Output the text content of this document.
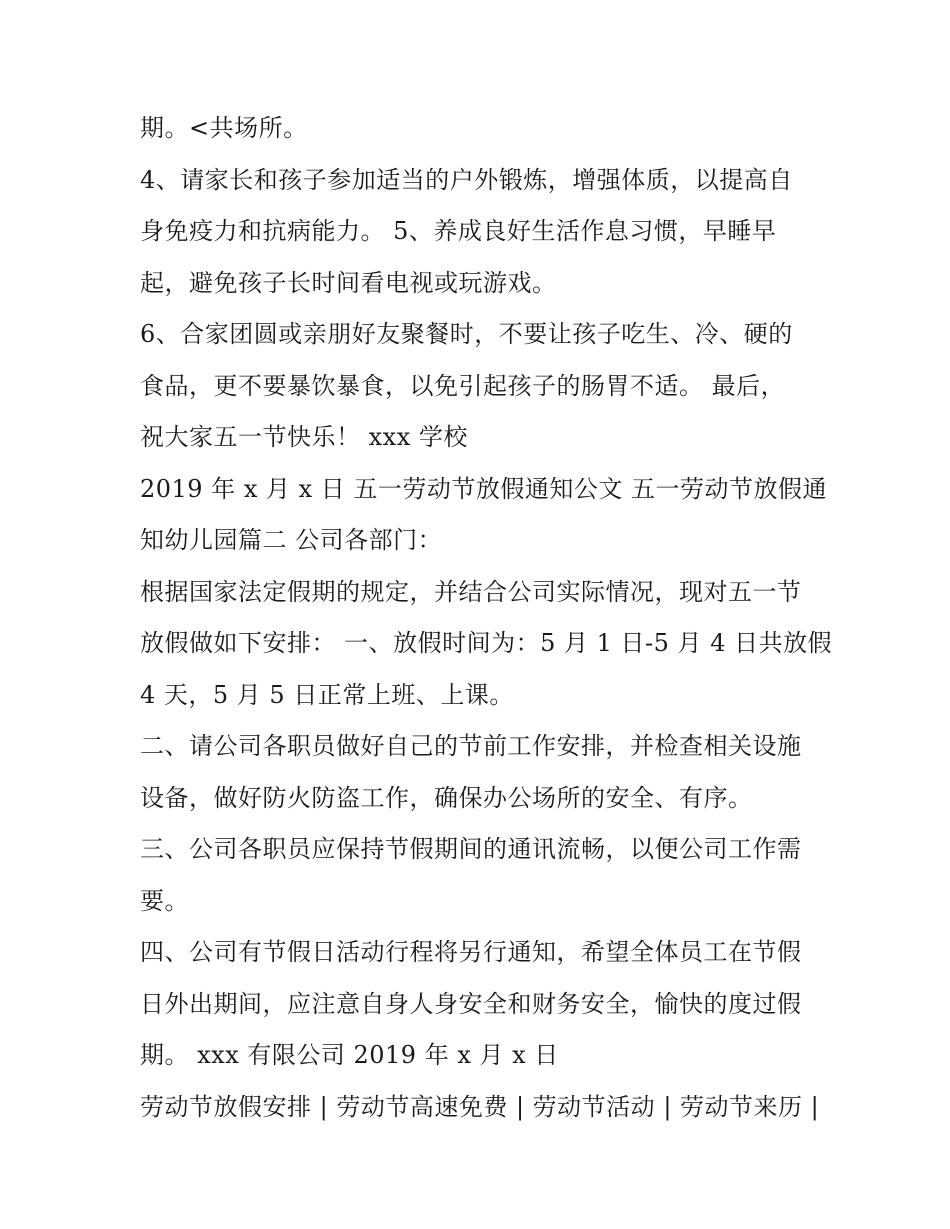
期。<共场所。
4、请家长和孩子参加适当的户外锻炼，增强体质，以提高自
身免疫力和抗病能力。 5、养成良好生活作息习惯，早睡早
起，避免孩子长时间看电视或玩游戏。
6、合家团圆或亲朋好友聚餐时，不要让孩子吃生、冷、硬的
食品，更不要暴饮暴食，以免引起孩子的肠胃不适。 最后，
祝大家五一节快乐！ xxx 学校
2019 年 x 月 x 日 五一劳动节放假通知公文 五一劳动节放假通
知幼儿园篇二 公司各部门：
根据国家法定假期的规定，并结合公司实际情况，现对五一节
放假做如下安排： 一、放假时间为：5 月 1 日-5 月 4 日共放假
4 天，5 月 5 日正常上班、上课。
二、请公司各职员做好自己的节前工作安排，并检查相关设施
设备，做好防火防盗工作，确保办公场所的安全、有序。
三、公司各职员应保持节假期间的通讯流畅，以便公司工作需
要。
四、公司有节假日活动行程将另行通知，希望全体员工在节假
日外出期间，应注意自身人身安全和财务安全，愉快的度过假
期。 xxx 有限公司 2019 年 x 月 x 日
劳动节放假安排 | 劳动节高速免费 | 劳动节活动 | 劳动节来历 |
